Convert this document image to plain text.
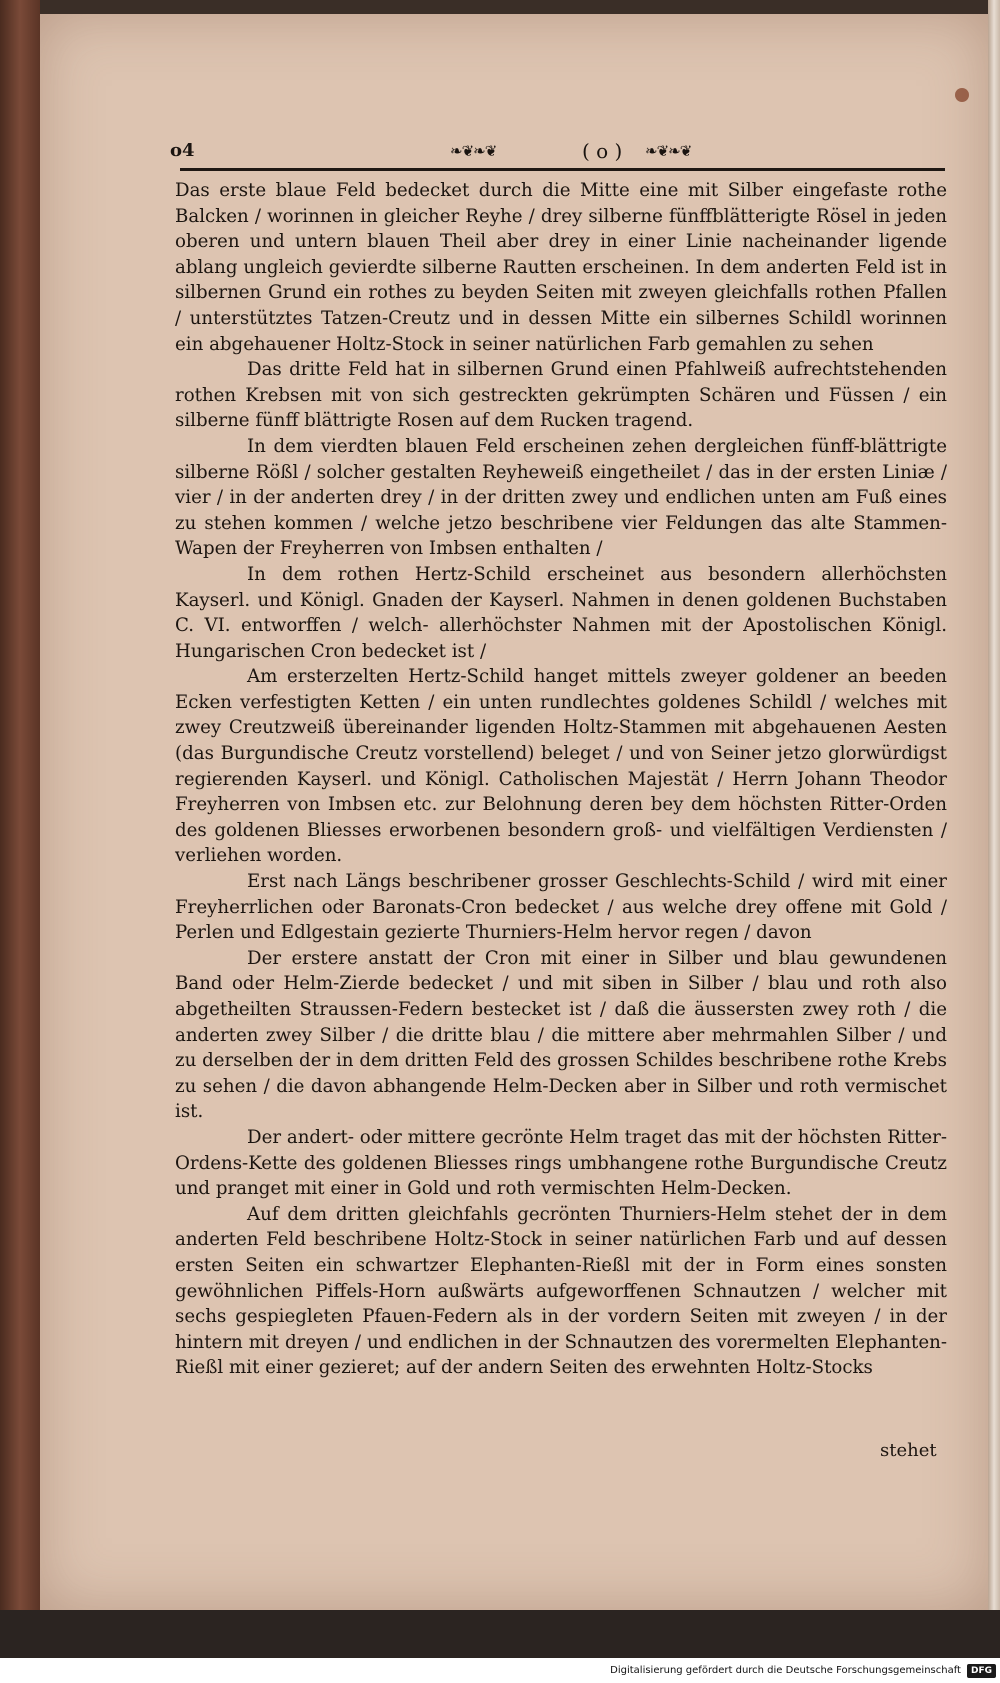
o4	❧❦❧❦	( o ) ❧❦❧❦

Das erste blaue Feld bedecket durch die Mitte eine mit Silber eingefaste rothe Balcken / worinnen in gleicher Reyhe / drey silberne fünffblätterigte Rösel in jeden oberen und untern blauen Theil aber drey in einer Linie nacheinander ligende ablang ungleich gevierdte silberne Rautten erscheinen. In dem anderten Feld ist in silbernen Grund ein rothes zu beyden Seiten mit zweyen gleichfalls rothen Pfallen / unterstütztes Tatzen-Creutz und in dessen Mitte ein silbernes Schildl worinnen ein abgehauener Holtz-Stock in seiner natürlichen Farb gemahlen zu sehen

Das dritte Feld hat in silbernen Grund einen Pfahlweiß aufrechtstehenden rothen Krebsen mit von sich gestreckten gekrümpten Schären und Füssen / ein silberne fünff blättrigte Rosen auf dem Rucken tragend.

In dem vierdten blauen Feld erscheinen zehen dergleichen fünff-blättrigte silberne Rößl / solcher gestalten Reyheweiß eingetheilet / das in der ersten Liniæ / vier / in der anderten drey / in der dritten zwey und endlichen unten am Fuß eines zu stehen kommen / welche jetzo beschribene vier Feldungen das alte Stammen-Wapen der Freyherren von Imbsen enthalten /

In dem rothen Hertz-Schild erscheinet aus besondern allerhöchsten Kayserl. und Königl. Gnaden der Kayserl. Nahmen in denen goldenen Buchstaben C. VI. entworffen / welch- allerhöchster Nahmen mit der Apostolischen Königl. Hungarischen Cron bedecket ist /

Am ersterzelten Hertz-Schild hanget mittels zweyer goldener an beeden Ecken verfestigten Ketten / ein unten rundlechtes goldenes Schildl / welches mit zwey Creutzweiß übereinander ligenden Holtz-Stammen mit abgehauenen Aesten (das Burgundische Creutz vorstellend) beleget / und von Seiner jetzo glorwürdigst regierenden Kayserl. und Königl. Catholischen Majestät / Herrn Johann Theodor Freyherren von Imbsen etc. zur Belohnung deren bey dem höchsten Ritter-Orden des goldenen Bliesses erworbenen besondern groß- und vielfältigen Verdiensten / verliehen worden.

Erst nach Längs beschribener grosser Geschlechts-Schild / wird mit einer Freyherrlichen oder Baronats-Cron bedecket / aus welche drey offene mit Gold / Perlen und Edlgestain gezierte Thurniers-Helm hervor regen / davon

Der erstere anstatt der Cron mit einer in Silber und blau gewundenen Band oder Helm-Zierde bedecket / und mit siben in Silber / blau und roth also abgetheilten Straussen-Federn bestecket ist / daß die äussersten zwey roth / die anderten zwey Silber / die dritte blau / die mittere aber mehrmahlen Silber / und zu derselben der in dem dritten Feld des grossen Schildes beschribene rothe Krebs zu sehen / die davon abhangende Helm-Decken aber in Silber und roth vermischet ist.

Der andert- oder mittere gecrönte Helm traget das mit der höchsten Ritter-Ordens-Kette des goldenen Bliesses rings umbhangene rothe Burgundische Creutz und pranget mit einer in Gold und roth vermischten Helm-Decken.

Auf dem dritten gleichfahls gecrönten Thurniers-Helm stehet der in dem anderten Feld beschribene Holtz-Stock in seiner natürlichen Farb und auf dessen ersten Seiten ein schwartzer Elephanten-Rießl mit der in Form eines sonsten gewöhnlichen Piffels-Horn außwärts aufgeworffenen Schnautzen / welcher mit sechs gespiegleten Pfauen-Federn als in der vordern Seiten mit zweyen / in der hintern mit dreyen / und endlichen in der Schnautzen des vorermelten Elephanten-Rießl mit einer gezieret; auf der andern Seiten des erwehnten Holtz-Stocks

stehet
Digitalisierung gefördert durch die Deutsche Forschungsgemeinschaft	DFG
